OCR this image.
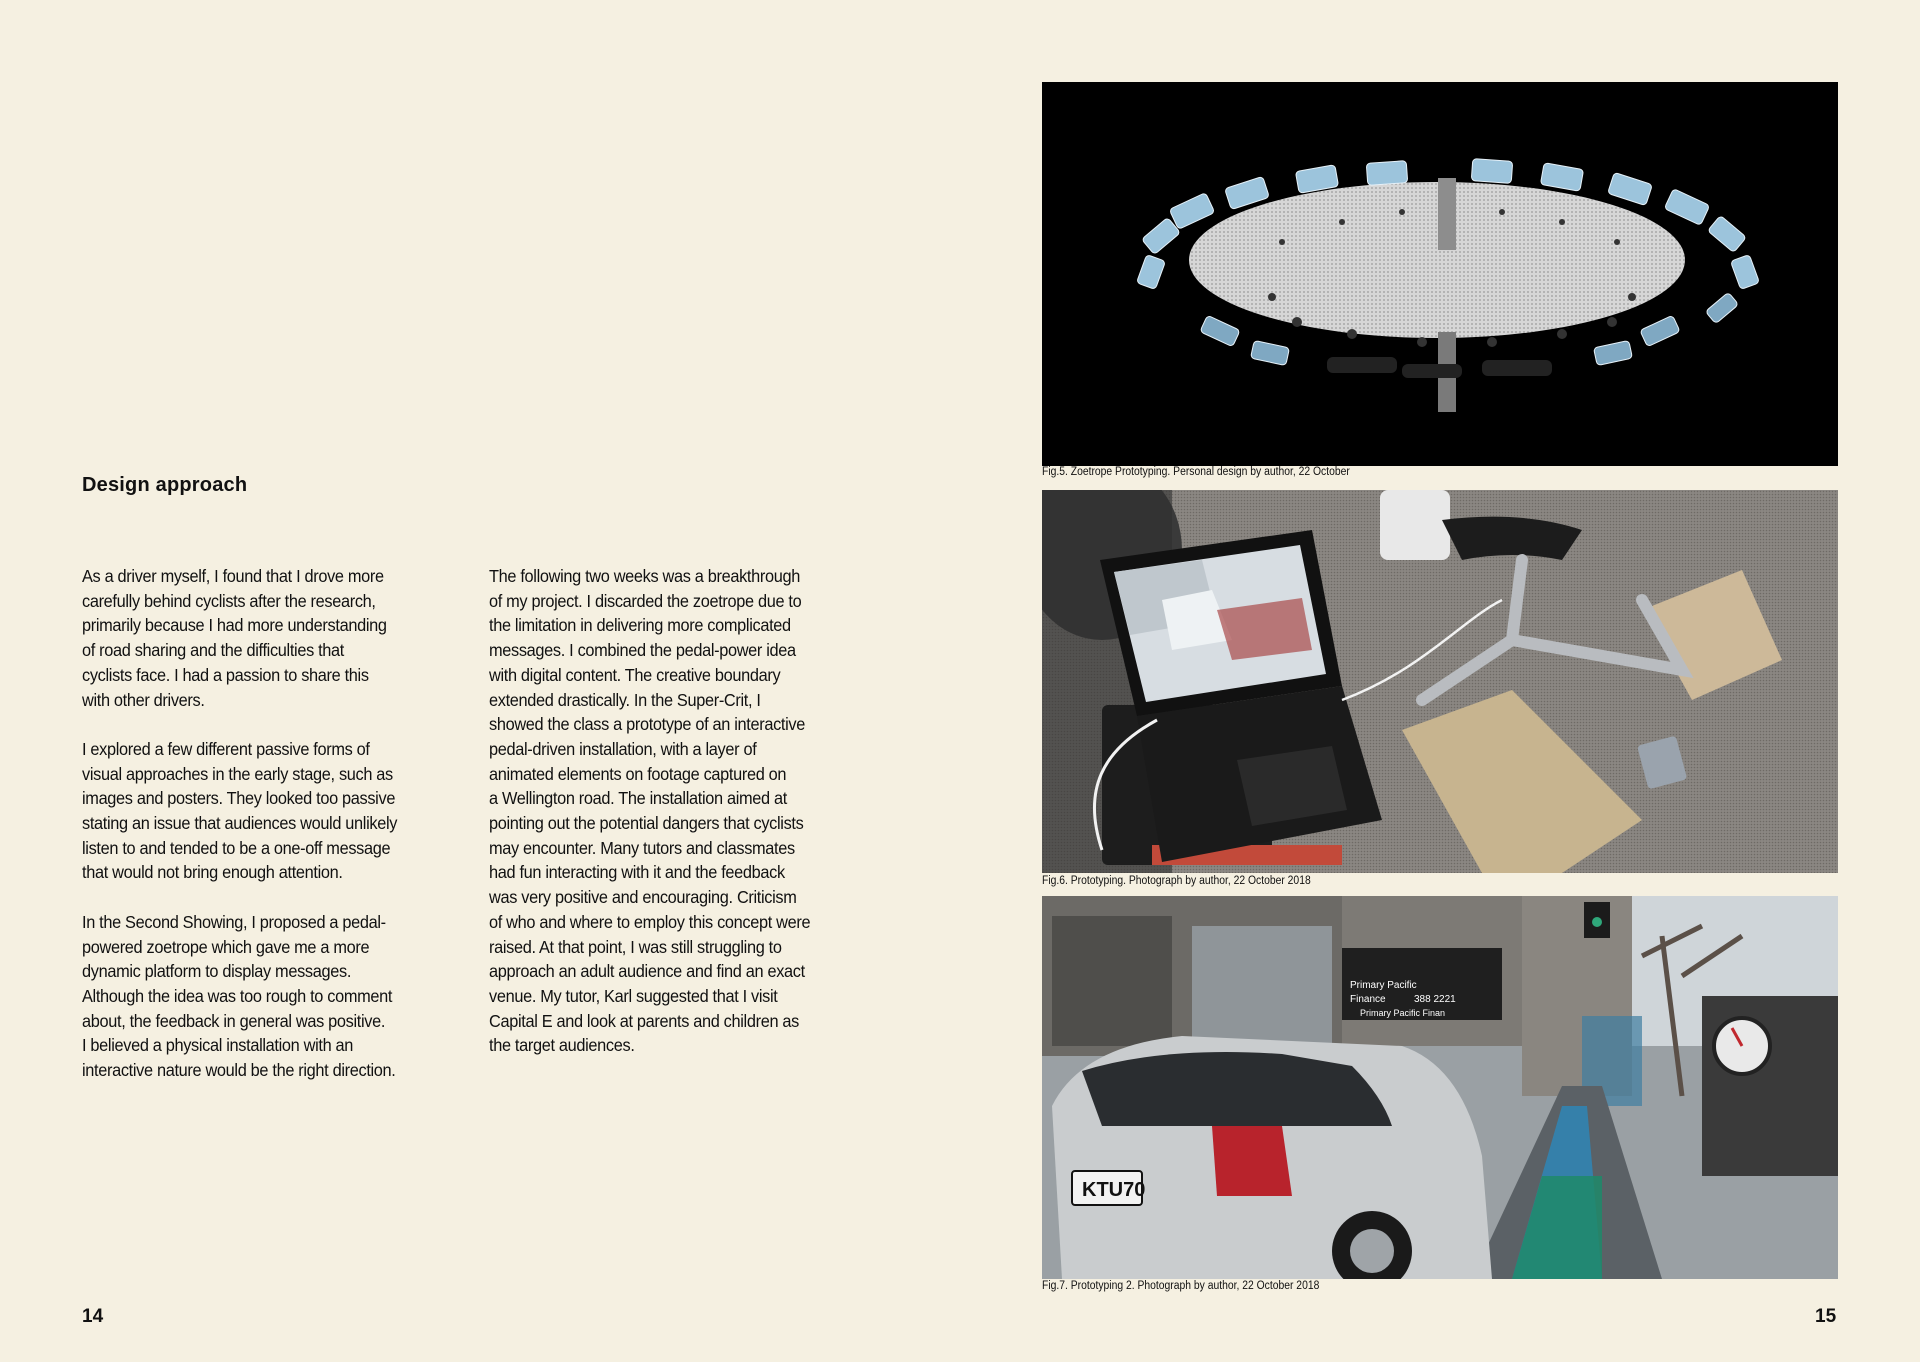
Design approach

As a driver myself, I found that I drove more
carefully behind cyclists after the research,
primarily because I had more understanding
of road sharing and the difficulties that
cyclists face. I had a passion to share this
with other drivers.

I explored a few different passive forms of
visual approaches in the early stage, such as
images and posters. They looked too passive
stating an issue that audiences would unlikely
listen to and tended to be a one-off message
that would not bring enough attention.

In the Second Showing, I proposed a pedal-
powered zoetrope which gave me a more
dynamic platform to display messages.
Although the idea was too rough to comment
about, the feedback in general was positive.
I believed a physical installation with an
interactive nature would be the right direction.

The following two weeks was a breakthrough
of my project. I discarded the zoetrope due to
the limitation in delivering more complicated
messages. I combined the pedal-power idea
with digital content. The creative boundary
extended drastically. In the Super-Crit, I
showed the class a prototype of an interactive
pedal-driven installation, with a layer of
animated elements on footage captured on
a Wellington road. The installation aimed at
pointing out the potential dangers that cyclists
may encounter. Many tutors and classmates
had fun interacting with it and the feedback
was very positive and encouraging. Criticism
of who and where to employ this concept were
raised. At that point, I was still struggling to
approach an adult audience and find an exact
venue. My tutor, Karl suggested that I visit
Capital E and look at parents and children as
the target audiences.

14
Fig.5. Zoetrope Prototyping. Personal design by author, 22 October
Fig.6. Prototyping. Photograph by author, 22 October 2018
Primary Pacific
Finance	388 2221
Primary Pacific Finan
KTU70
Fig.7. Prototyping 2. Photograph by author, 22 October 2018
15
